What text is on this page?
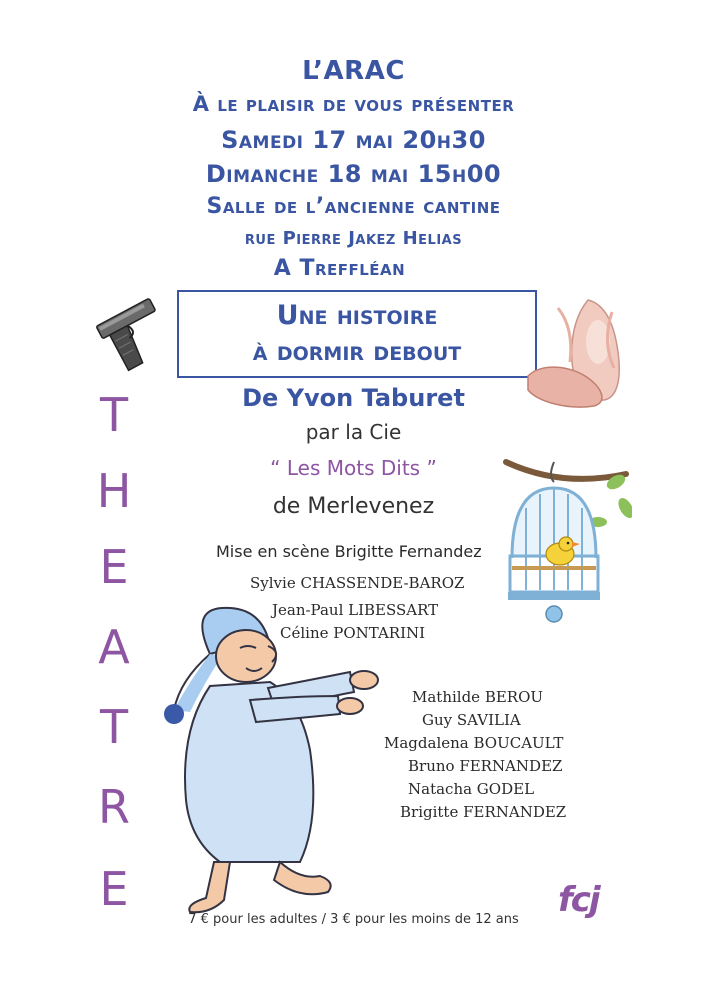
L’ARAC
À le plaisir de vous présenter
Samedi 17 mai 20h30
Dimanche 18 mai 15h00
Salle de l’ancienne cantine
rue Pierre Jakez Helias
A Treffléan
Une histoire
à dormir debout
De Yvon Taburet
par la Cie
“ Les Mots Dits ”
de Merlevenez
T
H
E
A
T
R
E
Mise en scène Brigitte Fernandez
Sylvie CHASSENDE-BAROZ
Jean-Paul LIBESSART
Céline PONTARINI
Mathilde BEROU
Guy SAVILIA
Magdalena BOUCAULT
Bruno FERNANDEZ
Natacha GODEL
Brigitte FERNANDEZ
fcj
7 € pour les adultes / 3 € pour les moins de 12 ans
